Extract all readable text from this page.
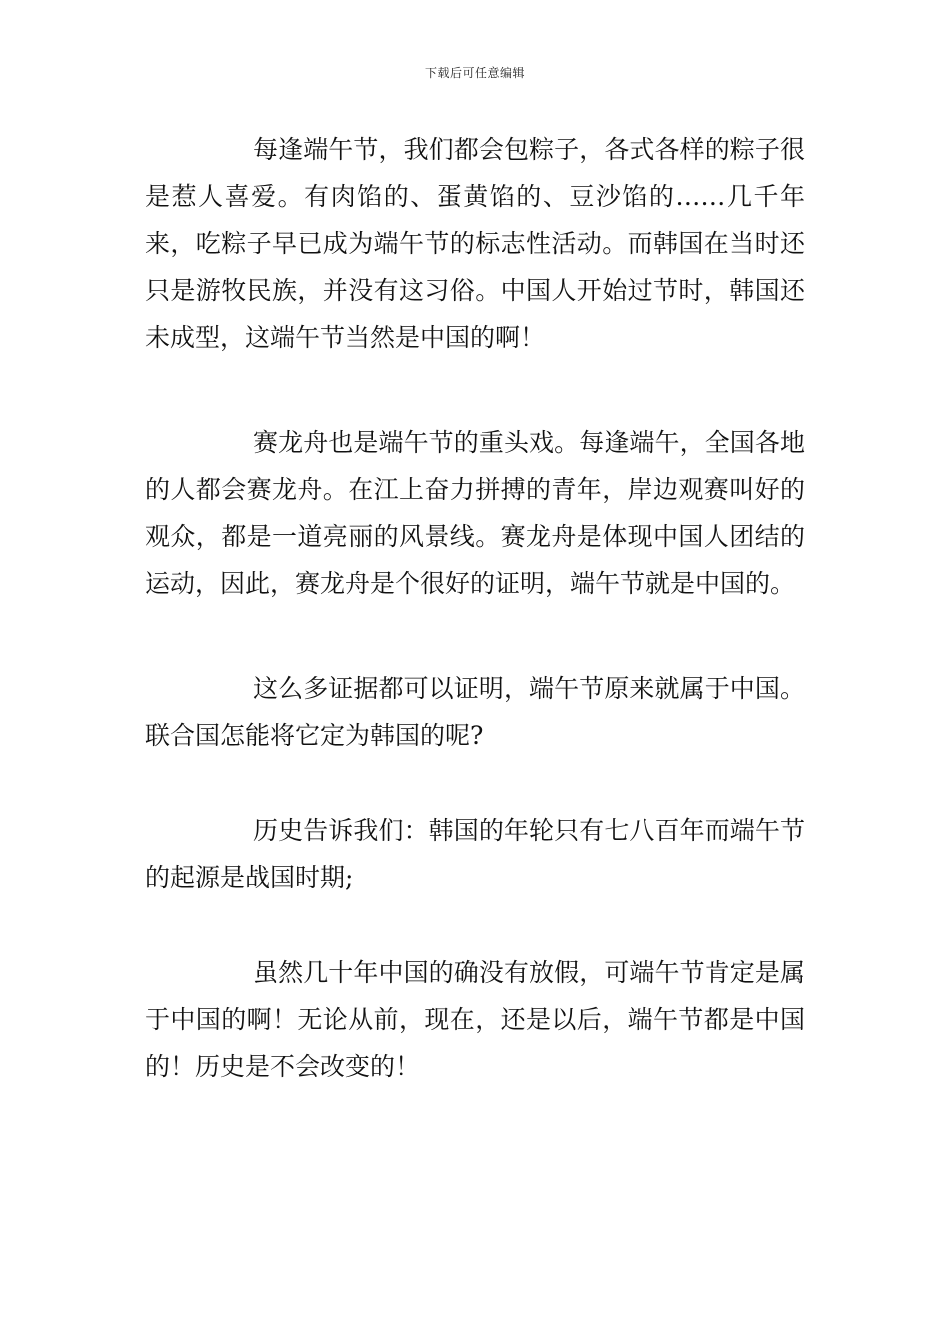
下载后可任意编辑

每逢端午节，我们都会包粽子，各式各样的粽子很是惹人喜爱。有肉馅的、蛋黄馅的、豆沙馅的……几千年来，吃粽子早已成为端午节的标志性活动。而韩国在当时还只是游牧民族，并没有这习俗。中国人开始过节时，韩国还未成型，这端午节当然是中国的啊！

赛龙舟也是端午节的重头戏。每逢端午，全国各地的人都会赛龙舟。在江上奋力拼搏的青年，岸边观赛叫好的观众，都是一道亮丽的风景线。赛龙舟是体现中国人团结的运动，因此，赛龙舟是个很好的证明，端午节就是中国的。

这么多证据都可以证明，端午节原来就属于中国。联合国怎能将它定为韩国的呢?

历史告诉我们：韩国的年轮只有七八百年而端午节的起源是战国时期;

虽然几十年中国的确没有放假，可端午节肯定是属于中国的啊！无论从前，现在，还是以后，端午节都是中国的！历史是不会改变的！
